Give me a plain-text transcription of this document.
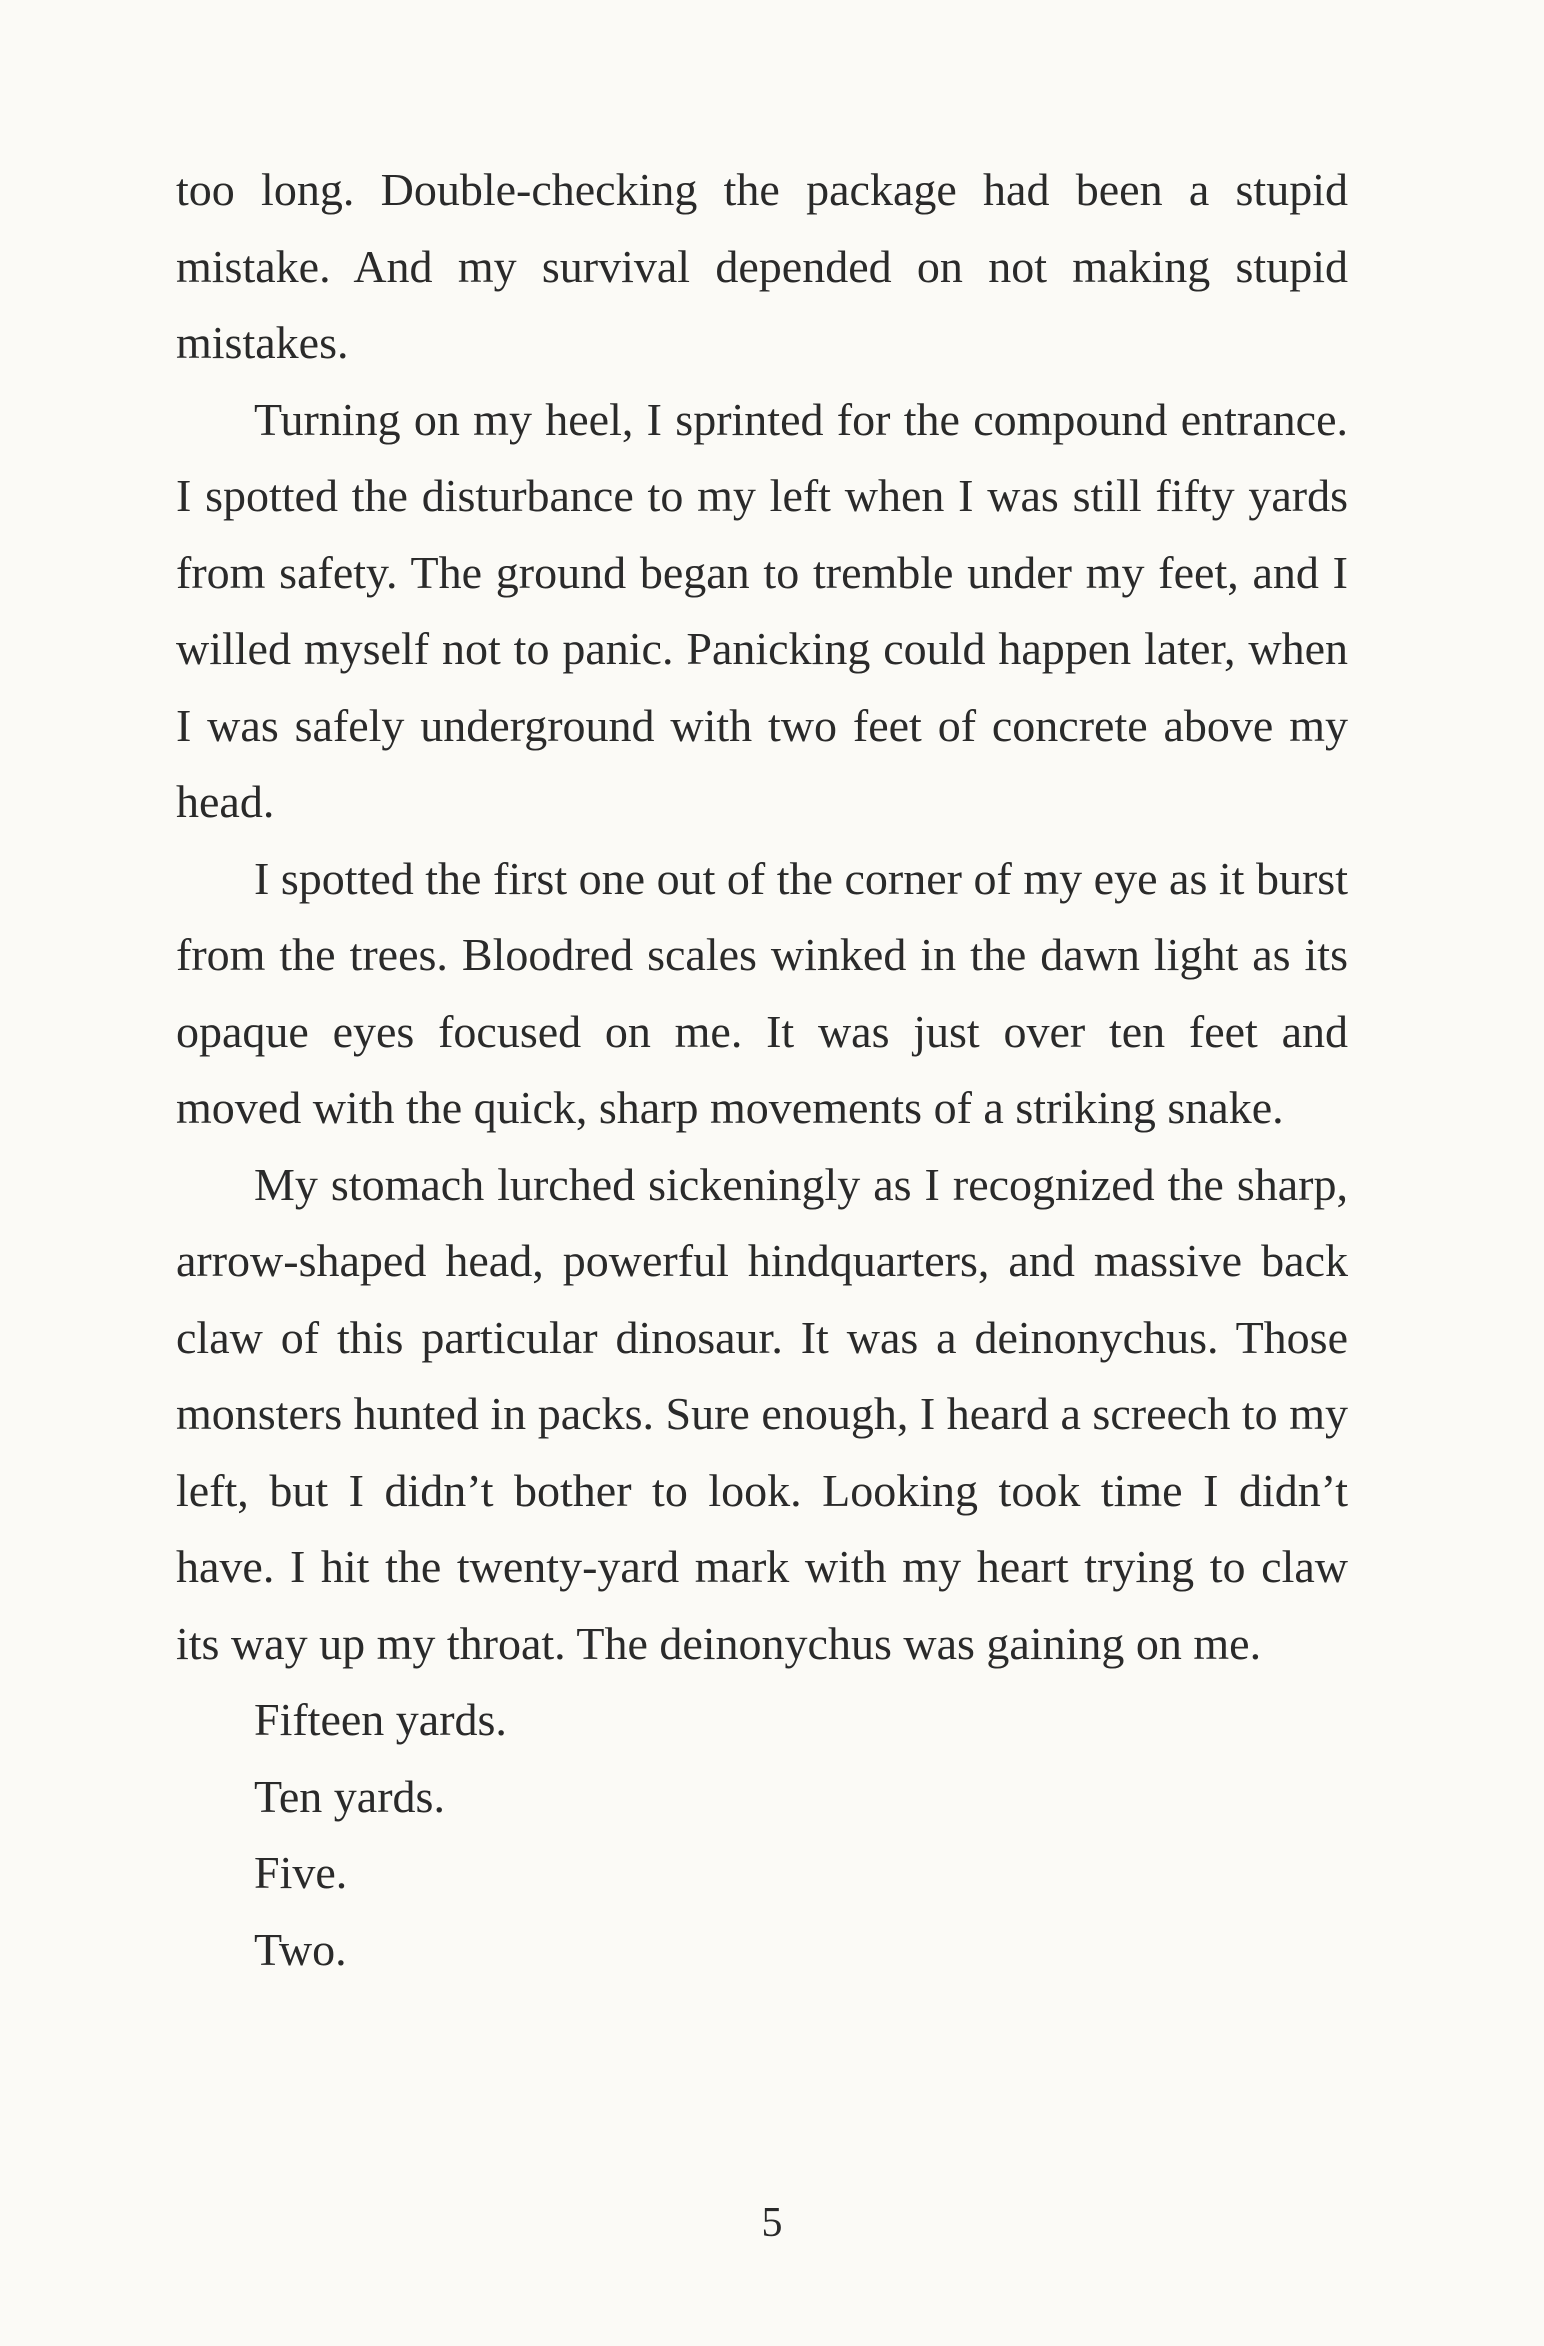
too long. Double-checking the package had been a stupid mistake. And my survival depended on not making stupid mistakes.

Turning on my heel, I sprinted for the compound entrance. I spotted the disturbance to my left when I was still fifty yards from safety. The ground began to tremble under my feet, and I willed myself not to panic. Panicking could happen later, when I was safely underground with two feet of concrete above my head.

I spotted the first one out of the corner of my eye as it burst from the trees. Bloodred scales winked in the dawn light as its opaque eyes focused on me. It was just over ten feet and moved with the quick, sharp movements of a striking snake.

My stomach lurched sickeningly as I recognized the sharp, arrow-shaped head, powerful hindquarters, and massive back claw of this particular dinosaur. It was a deinonychus. Those monsters hunted in packs. Sure enough, I heard a screech to my left, but I didn’t bother to look. Looking took time I didn’t have. I hit the twenty-yard mark with my heart trying to claw its way up my throat. The deinonychus was gaining on me.

Fifteen yards.

Ten yards.

Five.

Two.

5
